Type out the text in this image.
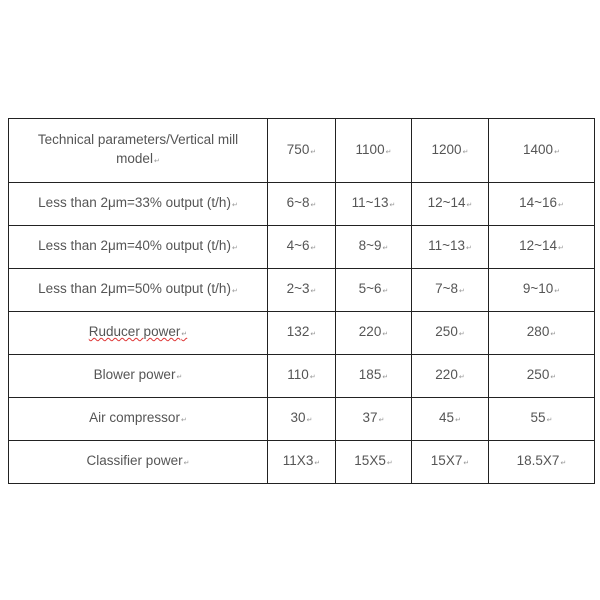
Technical parameters/Vertical mill model ↵	750 ↵	1100 ↵	1200 ↵	1400 ↵
Less than 2μm=33% output (t/h) ↵	6~8 ↵	11~13 ↵	12~14 ↵	14~16 ↵
Less than 2μm=40% output (t/h) ↵	4~6 ↵	8~9 ↵	11~13 ↵	12~14 ↵
Less than 2μm=50% output (t/h) ↵	2~3 ↵	5~6 ↵	7~8 ↵	9~10 ↵
Ruducer power ↵	132 ↵	220 ↵	250 ↵	280 ↵
Blower power ↵	110 ↵	185 ↵	220 ↵	250 ↵
Air compressor ↵	30 ↵	37 ↵	45 ↵	55 ↵
Classifier power ↵	11X3 ↵	15X5 ↵	15X7 ↵	18.5X7 ↵
